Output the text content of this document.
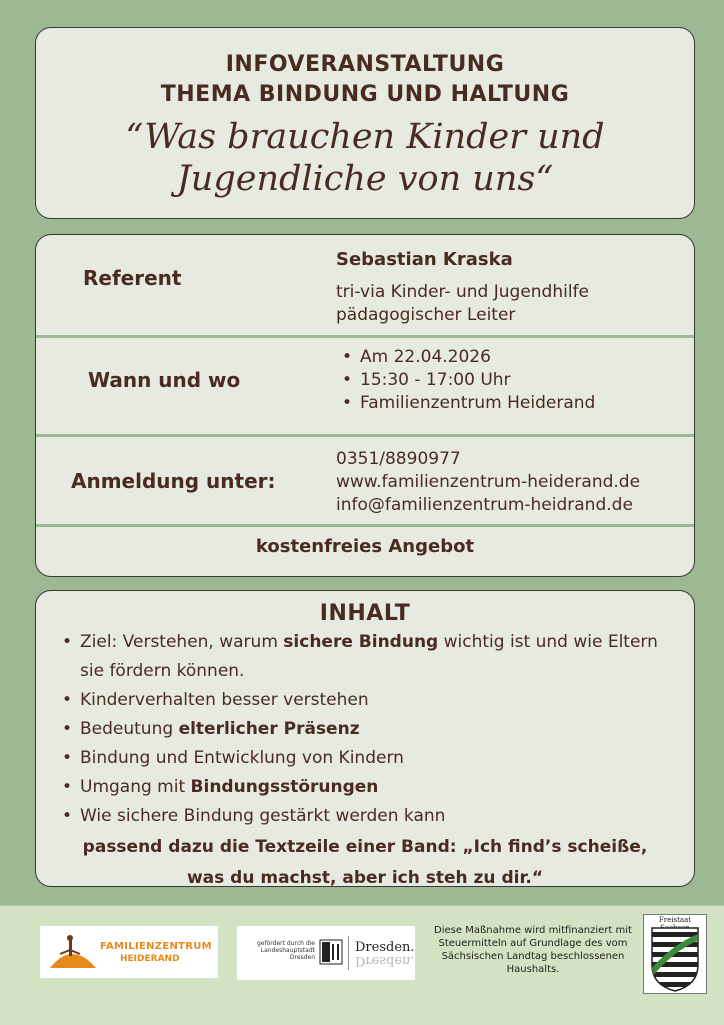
INFOVERANSTALTUNG
THEMA BINDUNG UND HALTUNG
“Was brauchen Kinder und
Jugendliche von uns“
Referent
Sebastian Kraska
tri-via Kinder- und Jugendhilfe
pädagogischer Leiter
Wann und wo
• Am 22.04.2026
• 15:30 - 17:00 Uhr
• Familienzentrum Heiderand
Anmeldung unter:
0351/8890977
www.familienzentrum-heiderand.de
info@familienzentrum-heidrand.de
kostenfreies Angebot
INHALT
• Ziel: Verstehen, warum sichere Bindung wichtig ist und wie Eltern sie fördern können.
• Kinderverhalten besser verstehen
• Bedeutung elterlicher Präsenz
• Bindung und Entwicklung von Kindern
• Umgang mit Bindungsstörungen
• Wie sichere Bindung gestärkt werden kann
passend dazu die Textzeile einer Band: „Ich find’s scheiße,
was du machst, aber ich steh zu dir.“
FAMILIENZENTRUM
HEIDERAND
gefördert durch die Landeshauptstadt Dresden
Dresden.
Dresden.
Diese Maßnahme wird mitfinanziert mit Steuermitteln auf Grundlage des vom Sächsischen Landtag beschlossenen Haushalts.
Freistaat
